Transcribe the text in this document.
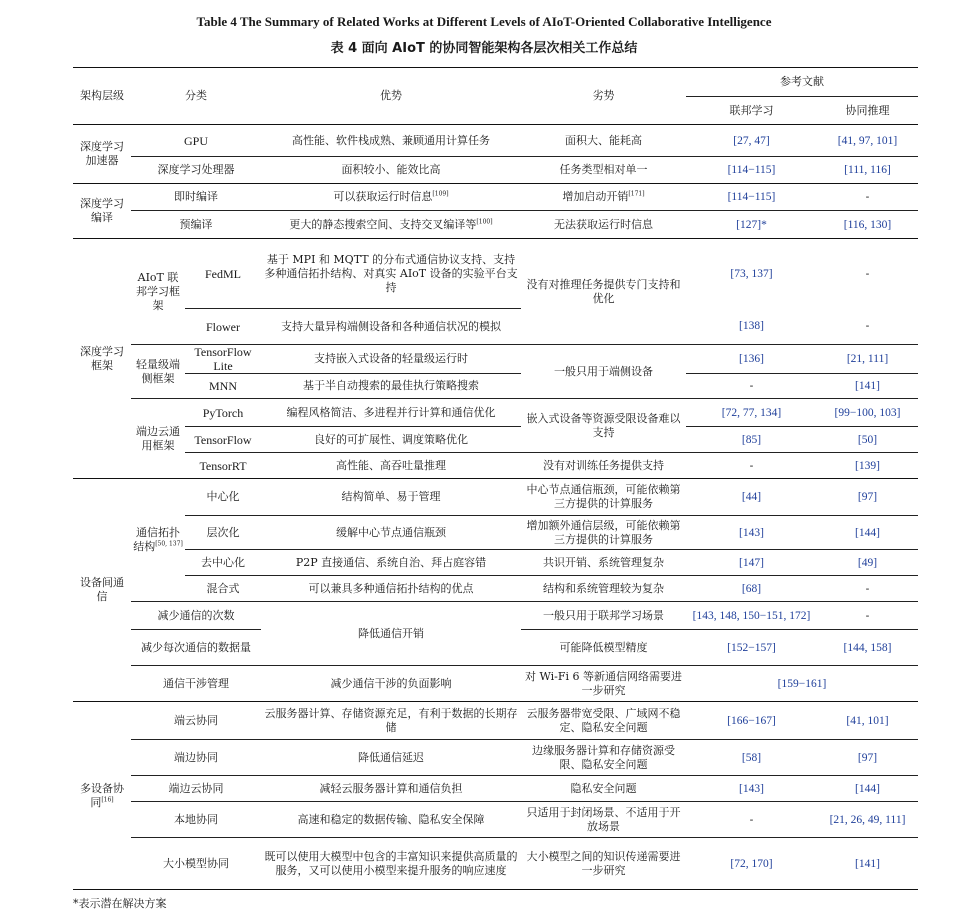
Table 4 The Summary of Related Works at Different Levels of AIoT-Oriented Collaborative Intelligence
表 4 面向 AIoT 的协同智能架构各层次相关工作总结
架构层级	分类		优势	劣势	参考文献	
					联邦学习	协同推理
深度学习加速器	GPU		高性能、软件栈成熟、兼顾通用计算任务	面积大、能耗高	[27, 47]	[41, 97, 101]
	深度学习处理器		面积较小、能效比高	任务类型相对单一	[114−115]	[111, 116]
深度学习编译	即时编译		可以获取运行时信息[109]	增加启动开销[171]	[114−115]	-
	预编译		更大的静态搜索空间、支持交叉编译等[100]	无法获取运行时信息	[127]*	[116, 130]
深度学习框架	AIoT 联邦学习框架	FedML	基于 MPI 和 MQTT 的分布式通信协议支持、支持多种通信拓扑结构、对真实 AIoT 设备的实验平台支持	没有对推理任务提供专门支持和优化	[73, 137]	-
		Flower	支持大量异构端侧设备和各种通信状况的模拟		[138]	-
	轻量级端侧框架	TensorFlow Lite	支持嵌入式设备的轻量级运行时	一般只用于端侧设备	[136]	[21, 111]
		MNN	基于半自动搜索的最佳执行策略搜索		-	[141]
	端边云通用框架	PyTorch	编程风格简洁、多进程并行计算和通信优化	嵌入式设备等资源受限设备难以支持	[72, 77, 134]	[99−100, 103]
		TensorFlow	良好的可扩展性、调度策略优化		[85]	[50]
		TensorRT	高性能、高吞吐量推理	没有对训练任务提供支持	-	[139]
设备间通信	通信拓扑结构[50, 137]	中心化	结构简单、易于管理	中心节点通信瓶颈，可能依赖第三方提供的计算服务	[44]	[97]
		层次化	缓解中心节点通信瓶颈	增加额外通信层级，可能依赖第三方提供的计算服务	[143]	[144]
		去中心化	P2P 直接通信、系统自治、拜占庭容错	共识开销、系统管理复杂	[147]	[49]
		混合式	可以兼具多种通信拓扑结构的优点	结构和系统管理较为复杂	[68]	-
	减少通信的次数		降低通信开销	一般只用于联邦学习场景	[143, 148, 150−151, 172]	-
	减少每次通信的数据量			可能降低模型精度	[152−157]	[144, 158]
	通信干涉管理		减少通信干涉的负面影响	对 Wi-Fi 6 等新通信网络需要进一步研究	[159−161]	
多设备协同[16]	端云协同		云服务器计算、存储资源充足，有利于数据的长期存储	云服务器带宽受限、广域网不稳定、隐私安全问题	[166−167]	[41, 101]
	端边协同		降低通信延迟	边缘服务器计算和存储资源受限、隐私安全问题	[58]	[97]
	端边云协同		减轻云服务器计算和通信负担	隐私安全问题	[143]	[144]
	本地协同		高速和稳定的数据传输、隐私安全保障	只适用于封闭场景、不适用于开放场景	-	[21, 26, 49, 111]
	大小模型协同		既可以使用大模型中包含的丰富知识来提供高质量的服务，又可以使用小模型来提升服务的响应速度	大小模型之间的知识传递需要进一步研究	[72, 170]	[141]
*表示潜在解决方案
